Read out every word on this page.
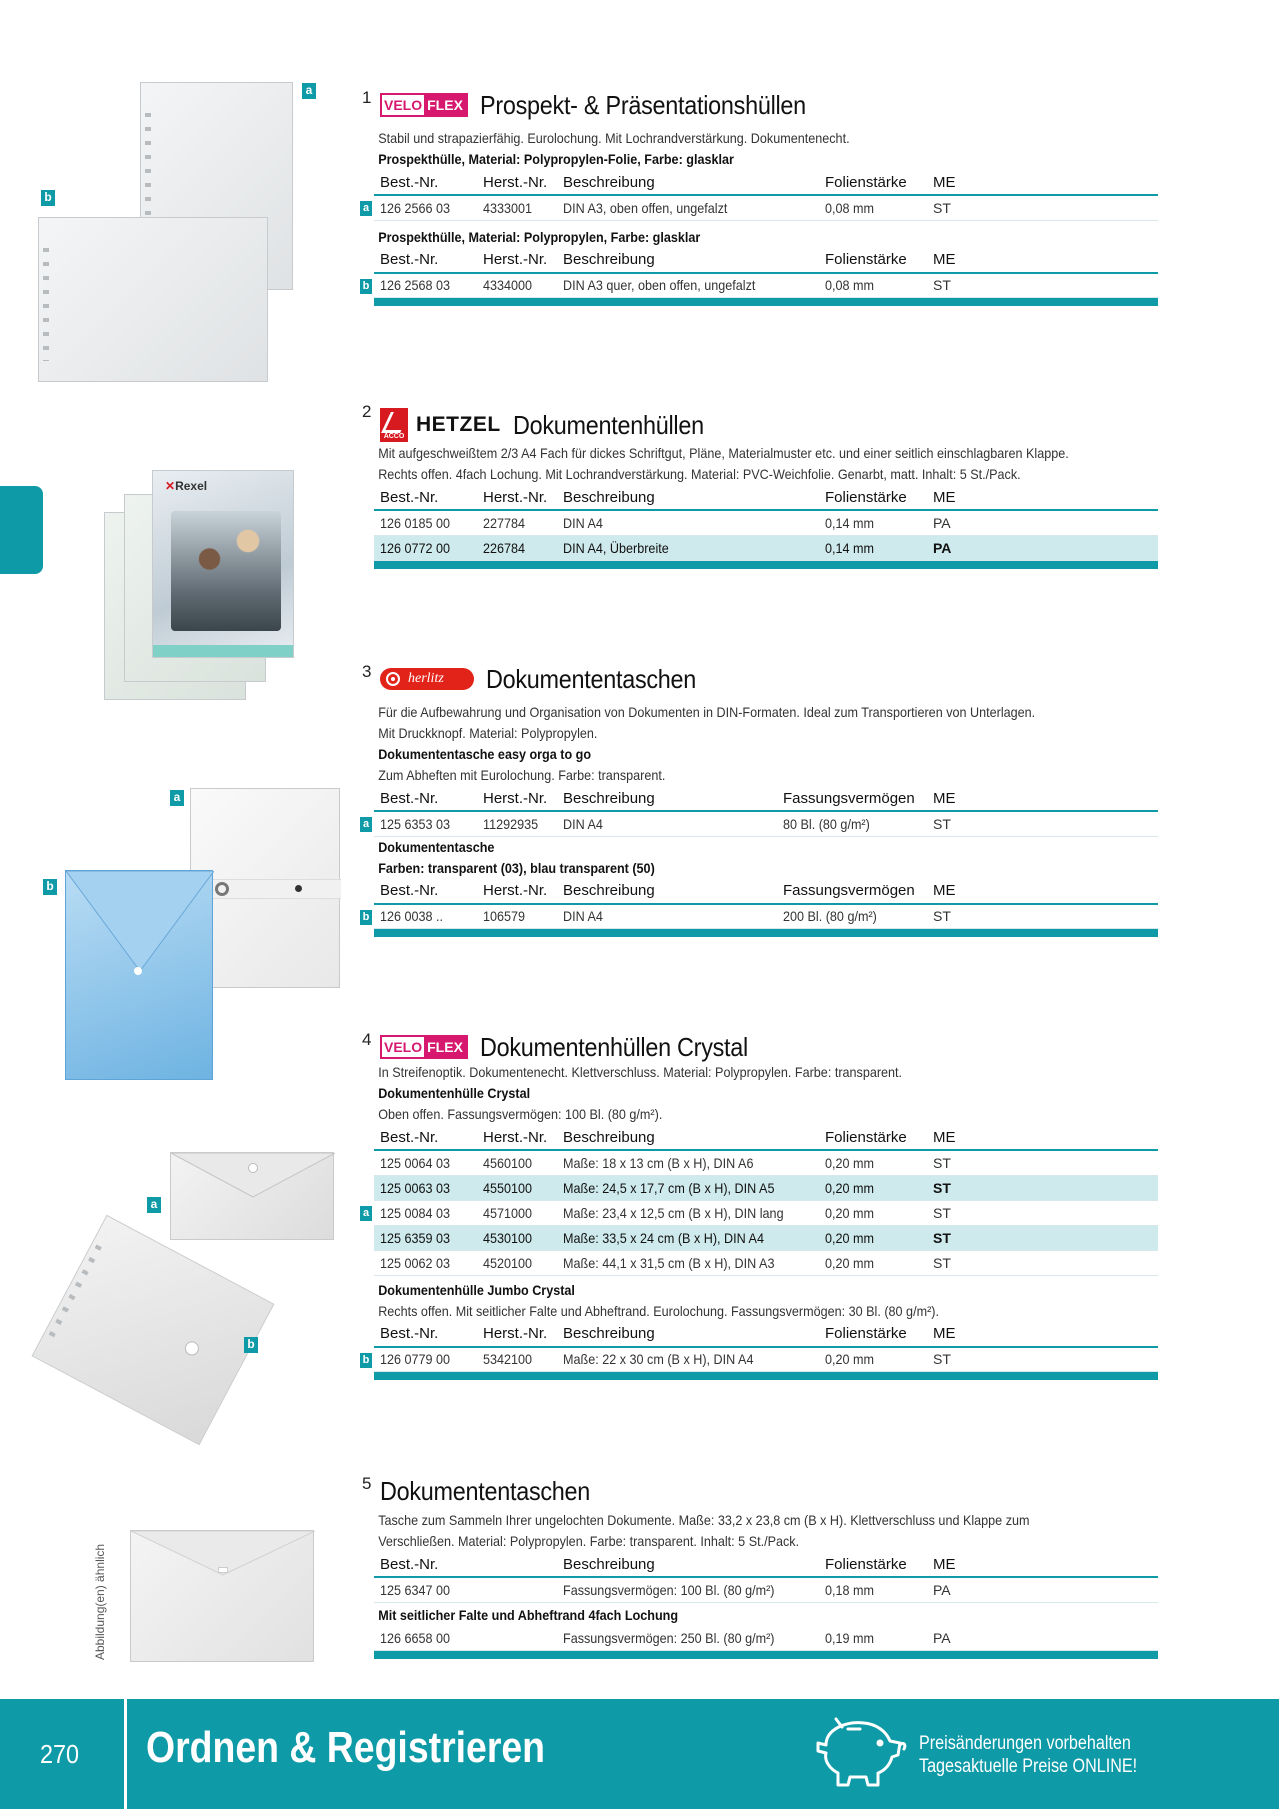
a
b
✕Rexel
a
b
a
b
Abbildung(en) ähnlich
1 VELO FLEX Prospekt- & Präsentationshüllen
Stabil und strapazierfähig. Eurolochung. Mit Lochrandverstärkung. Dokumentenecht.
Prospekthülle, Material: Polypropylen-Folie, Farbe: glasklar
Best.-Nr.	Herst.-Nr.	Beschreibung	Folienstärke	ME	

a 126 2566 03	4333001	DIN A3, oben offen, ungefalzt	0,08 mm	ST	
Prospekthülle, Material: Polypropylen, Farbe: glasklar
Best.-Nr.	Herst.-Nr.	Beschreibung	Folienstärke	ME	

b 126 2568 03	4334000	DIN A3 quer, oben offen, ungefalzt	0,08 mm	ST	
2
ACCO
HETZEL Dokumentenhüllen
Mit aufgeschweißtem 2/3 A4 Fach für dickes Schriftgut, Pläne, Materialmuster etc. und einer seitlich einschlagbaren Klappe.
Rechts offen. 4fach Lochung. Mit Lochrandverstärkung. Material: PVC-Weichfolie. Genarbt, matt. Inhalt: 5 St./Pack.
Best.-Nr.	Herst.-Nr.	Beschreibung	Folienstärke	ME	
126 0185 00	227784	DIN A4	0,14 mm	PA	
126 0772 00	226784	DIN A4, Überbreite	0,14 mm	PA	
3	herlitz Dokumententaschen
Für die Aufbewahrung und Organisation von Dokumenten in DIN-Formaten. Ideal zum Transportieren von Unterlagen.
Mit Druckknopf. Material: Polypropylen.
Dokumententasche easy orga to go
Zum Abheften mit Eurolochung. Farbe: transparent.
Best.-Nr.	Herst.-Nr.	Beschreibung	Fassungsvermögen	ME	

a 125 6353 03	11292935	DIN A4	80 Bl. (80 g/m²)	ST	
Dokumententasche
Farben: transparent (03), blau transparent (50)
Best.-Nr.	Herst.-Nr.	Beschreibung	Fassungsvermögen	ME	

b 126 0038 ..	106579	DIN A4	200 Bl. (80 g/m²)	ST	
4 VELO FLEX Dokumentenhüllen Crystal
In Streifenoptik. Dokumentenecht. Klettverschluss. Material: Polypropylen. Farbe: transparent.
Dokumentenhülle Crystal
Oben offen. Fassungsvermögen: 100 Bl. (80 g/m²).
Best.-Nr.	Herst.-Nr.	Beschreibung	Folienstärke	ME	
125 0064 03	4560100	Maße: 18 x 13 cm (B x H), DIN A6	0,20 mm	ST	
125 0063 03	4550100	Maße: 24,5 x 17,7 cm (B x H), DIN A5	0,20 mm	ST	

a 125 0084 03	4571000	Maße: 23,4 x 12,5 cm (B x H), DIN lang	0,20 mm	ST	
125 6359 03	4530100	Maße: 33,5 x 24 cm (B x H), DIN A4	0,20 mm	ST	
125 0062 03	4520100	Maße: 44,1 x 31,5 cm (B x H), DIN A3	0,20 mm	ST	
Dokumentenhülle Jumbo Crystal
Rechts offen. Mit seitlicher Falte und Abheftrand. Eurolochung. Fassungsvermögen: 30 Bl. (80 g/m²).
Best.-Nr.	Herst.-Nr.	Beschreibung	Folienstärke	ME	

b 126 0779 00	5342100	Maße: 22 x 30 cm (B x H), DIN A4	0,20 mm	ST	
5 Dokumententaschen
Tasche zum Sammeln Ihrer ungelochten Dokumente. Maße: 33,2 x 23,8 cm (B x H). Klettverschluss und Klappe zum
Verschließen. Material: Polypropylen. Farbe: transparent. Inhalt: 5 St./Pack.
Best.-Nr.	Beschreibung	Folienstärke	ME	
125 6347 00	Fassungsvermögen: 100 Bl. (80 g/m²)	0,18 mm	PA	
Mit seitlicher Falte und Abheftrand 4fach Lochung
126 6658 00	Fassungsvermögen: 250 Bl. (80 g/m²)	0,19 mm	PA	
270 Ordnen & Registrieren	Preisänderungen vorbehalten
Tagesaktuelle Preise ONLINE!
